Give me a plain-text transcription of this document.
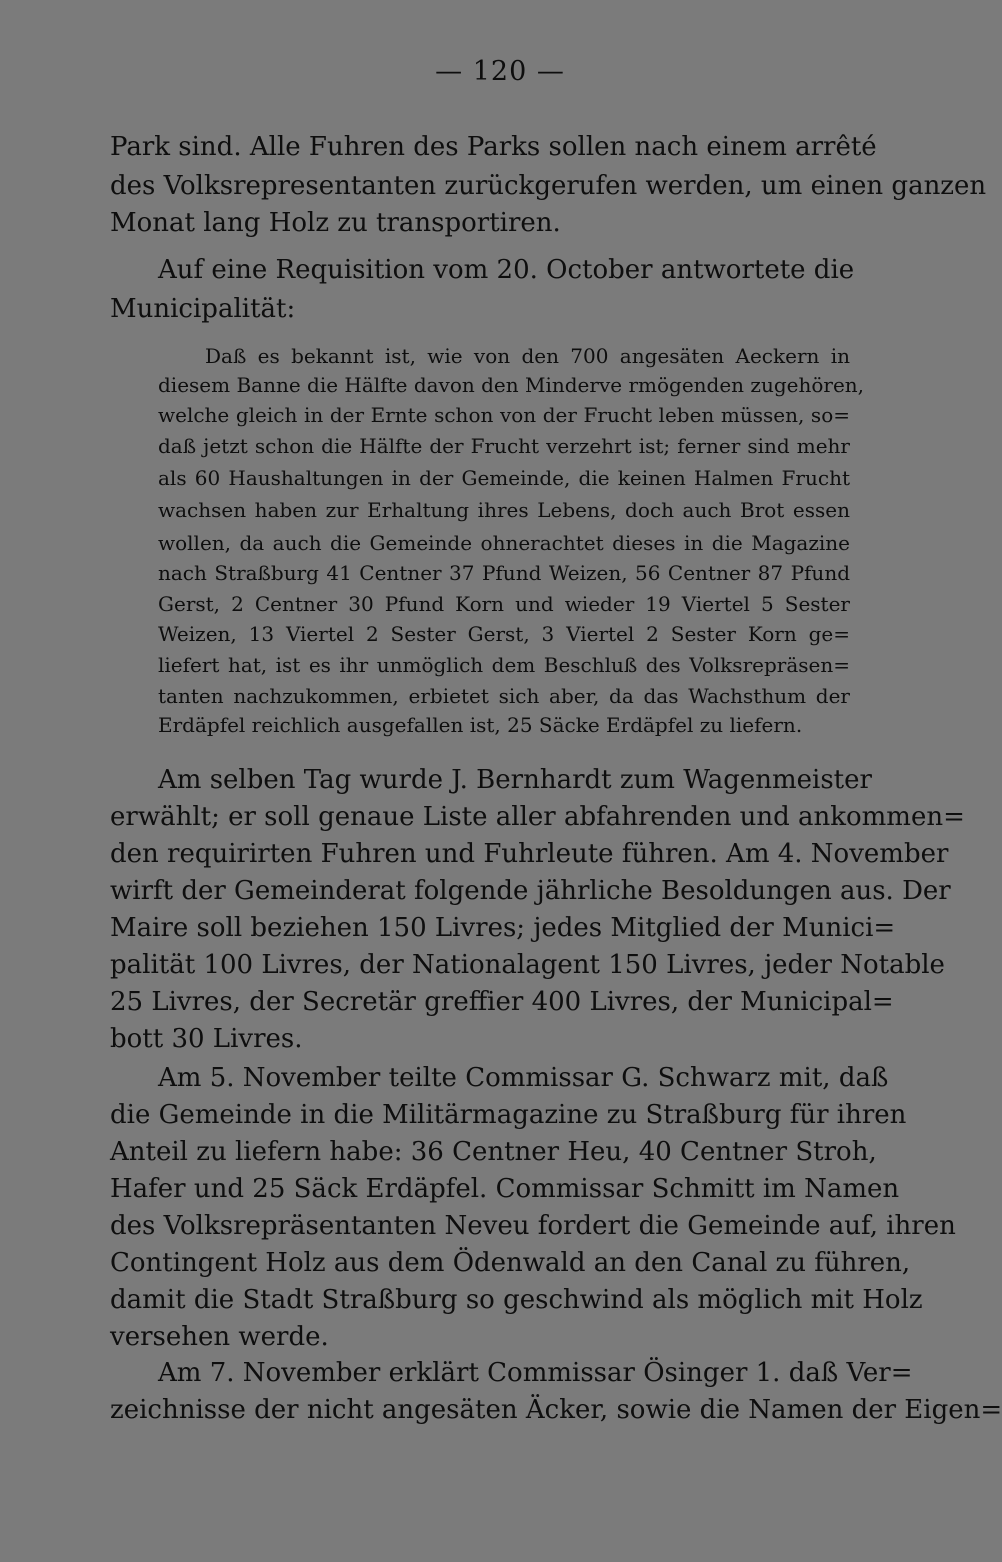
— 120 —
Park sind. Alle Fuhren des Parks sollen nach einem arrêté
des Volksrepresentanten zurückgerufen werden, um einen ganzen
Monat lang Holz zu transportiren.
Auf eine Requisition vom 20. October antwortete die
Municipalität:
Daß es bekannt ist, wie von den 700 angesäten Aeckern in
diesem Banne die Hälfte davon den Minderve rmögenden zugehören,
welche gleich in der Ernte schon von der Frucht leben müssen, so=
daß jetzt schon die Hälfte der Frucht verzehrt ist; ferner sind mehr
als 60 Haushaltungen in der Gemeinde, die keinen Halmen Frucht
wachsen haben zur Erhaltung ihres Lebens, doch auch Brot essen
wollen, da auch die Gemeinde ohnerachtet dieses in die Magazine
nach Straßburg 41 Centner 37 Pfund Weizen, 56 Centner 87 Pfund
Gerst, 2 Centner 30 Pfund Korn und wieder 19 Viertel 5 Sester
Weizen, 13 Viertel 2 Sester Gerst, 3 Viertel 2 Sester Korn ge=
liefert hat, ist es ihr unmöglich dem Beschluß des Volksrepräsen=
tanten nachzukommen, erbietet sich aber, da das Wachsthum der
Erdäpfel reichlich ausgefallen ist, 25 Säcke Erdäpfel zu liefern.
Am selben Tag wurde J. Bernhardt zum Wagenmeister
erwählt; er soll genaue Liste aller abfahrenden und ankommen=
den requirirten Fuhren und Fuhrleute führen. Am 4. November
wirft der Gemeinderat folgende jährliche Besoldungen aus. Der
Maire soll beziehen 150 Livres; jedes Mitglied der Munici=
palität 100 Livres, der Nationalagent 150 Livres, jeder Notable
25 Livres, der Secretär greffier 400 Livres, der Municipal=
bott 30 Livres.
Am 5. November teilte Commissar G. Schwarz mit, daß
die Gemeinde in die Militärmagazine zu Straßburg für ihren
Anteil zu liefern habe: 36 Centner Heu, 40 Centner Stroh,
Hafer und 25 Säck Erdäpfel. Commissar Schmitt im Namen
des Volksrepräsentanten Neveu fordert die Gemeinde auf, ihren
Contingent Holz aus dem Ödenwald an den Canal zu führen,
damit die Stadt Straßburg so geschwind als möglich mit Holz
versehen werde.
Am 7. November erklärt Commissar Ösinger 1. daß Ver=
zeichnisse der nicht angesäten Äcker, sowie die Namen der Eigen=
